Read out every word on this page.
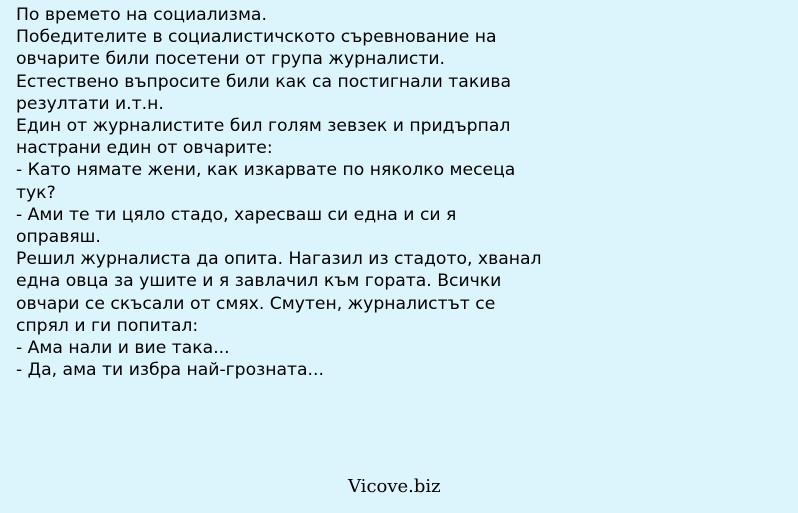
По времето на социализма.
Победителите в социалистичското съревнование на
овчарите били посетени от група журналисти.
Естествено въпросите били как са постигнали такива
резултати и.т.н.
Един от журналистите бил голям зевзек и придърпал
настрани един от овчарите:
- Като нямате жени, как изкарвате по няколко месеца
тук?
- Ами те ти цяло стадо, харесваш си една и си я
оправяш.
Решил журналиста да опита. Нагазил из стадото, хванал
една овца за ушите и я завлачил към гората. Всички
овчари се скъсали от смях. Смутен, журналистът се
спрял и ги попитал:
- Ама нали и вие така...
- Да, ама ти избра най-грозната...
Vicove.biz
